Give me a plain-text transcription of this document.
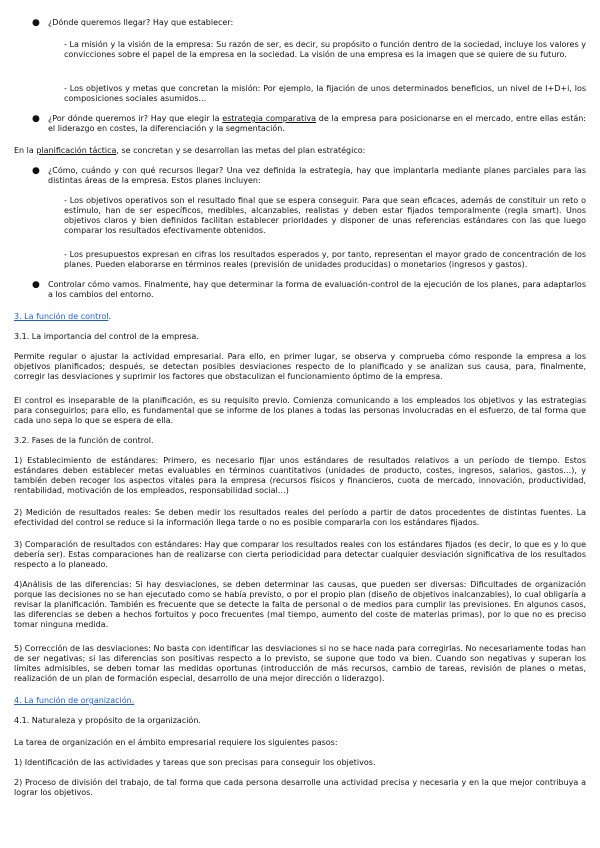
● ¿Dónde queremos llegar? Hay que establecer:

- La misión y la visión de la empresa: Su razón de ser, es decir, su propósito o función dentro de la sociedad, incluye los valores y convicciones sobre el papel de la empresa en la sociedad. La visión de una empresa es la imagen que se quiere de su futuro.

- Los objetivos y metas que concretan la misión: Por ejemplo, la fijación de unos determinados beneficios, un nivel de I+D+i, los composiciones sociales asumidos…

● ¿Por dónde queremos ir? Hay que elegir la estrategia comparativa de la empresa para posicionarse en el mercado, entre ellas están: el liderazgo en costes, la diferenciación y la segmentación.

En la planificación táctica, se concretan y se desarrollan las metas del plan estratégico:

● ¿Cómo, cuándo y con qué recursos llegar? Una vez definida la estrategia, hay que implantarla mediante planes parciales para las distintas áreas de la empresa. Estos planes incluyen:

- Los objetivos operativos son el resultado final que se espera conseguir. Para que sean eficaces, además de constituir un reto o estímulo, han de ser específicos, medibles, alcanzables, realistas y deben estar fijados temporalmente (regla smart). Unos objetivos claros y bien definidos facilitan establecer prioridades y disponer de unas referencias estándares con las que luego comparar los resultados efectivamente obtenidos.

- Los presupuestos expresan en cifras los resultados esperados y, por tanto, representan el mayor grado de concentración de los planes. Pueden elaborarse en términos reales (previsión de unidades producidas) o monetarios (ingresos y gastos).

● Controlar cómo vamos. Finalmente, hay que determinar la forma de evaluación-control de la ejecución de los planes, para adaptarlos a los cambios del entorno.

3. La función de control.

3.1. La importancia del control de la empresa.

Permite regular o ajustar la actividad empresarial. Para ello, en primer lugar, se observa y comprueba cómo responde la empresa a los objetivos planificados; después, se detectan posibles desviaciones respecto de lo planificado y se analizan sus causa, para, finalmente, corregir las desviaciones y suprimir los factores que obstaculizan el funcionamiento óptimo de la empresa.

El control es inseparable de la planificación, es su requisito previo. Comienza comunicando a los empleados los objetivos y las estrategias para conseguirlos; para ello, es fundamental que se informe de los planes a todas las personas involucradas en el esfuerzo, de tal forma que cada uno sepa lo que se espera de ella.

3.2. Fases de la función de control.

1) Establecimiento de estándares: Primero, es necesario fijar unos estándares de resultados relativos a un período de tiempo. Estos estándares deben establecer metas evaluables en términos cuantitativos (unidades de producto, costes, ingresos, salarios, gastos…), y también deben recoger los aspectos vitales para la empresa (recursos físicos y financieros, cuota de mercado, innovación, productividad, rentabilidad, motivación de los empleados, responsabilidad social…)

2) Medición de resultados reales: Se deben medir los resultados reales del período a partir de datos procedentes de distintas fuentes. La efectividad del control se reduce si la información llega tarde o no es posible compararla con los estándares fijados.

3) Comparación de resultados con estándares: Hay que comparar los resultados reales con los estándares fijados (es decir, lo que es y lo que debería ser). Estas comparaciones han de realizarse con cierta periodicidad para detectar cualquier desviación significativa de los resultados respecto a lo planeado.

4)Análisis de las diferencias: Si hay desviaciones, se deben determinar las causas, que pueden ser diversas: Dificultades de organización porque las decisiones no se han ejecutado como se había previsto, o por el propio plan (diseño de objetivos inalcanzables), lo cual obligaría a revisar la planificación. También es frecuente que se detecte la falta de personal o de medios para cumplir las previsiones. En algunos casos, las diferencias se deben a hechos fortuitos y poco frecuentes (mal tiempo, aumento del coste de materias primas), por lo que no es preciso tomar ninguna medida.

5) Corrección de las desviaciones: No basta con identificar las desviaciones si no se hace nada para corregirlas. No necesariamente todas han de ser negativas; si las diferencias son positivas respecto a lo previsto, se supone que todo va bien. Cuando son negativas y superan los límites admisibles, se deben tomar las medidas oportunas (introducción de más recursos, cambio de tareas, revisión de planes o metas, realización de un plan de formación especial, desarrollo de una mejor dirección o liderazgo).

4. La función de organización.

4.1. Naturaleza y propósito de la organización.

La tarea de organización en el ámbito empresarial requiere los siguientes pasos:

1) Identificación de las actividades y tareas que son precisas para conseguir los objetivos.

2) Proceso de división del trabajo, de tal forma que cada persona desarrolle una actividad precisa y necesaria y en la que mejor contribuya a lograr los objetivos.
